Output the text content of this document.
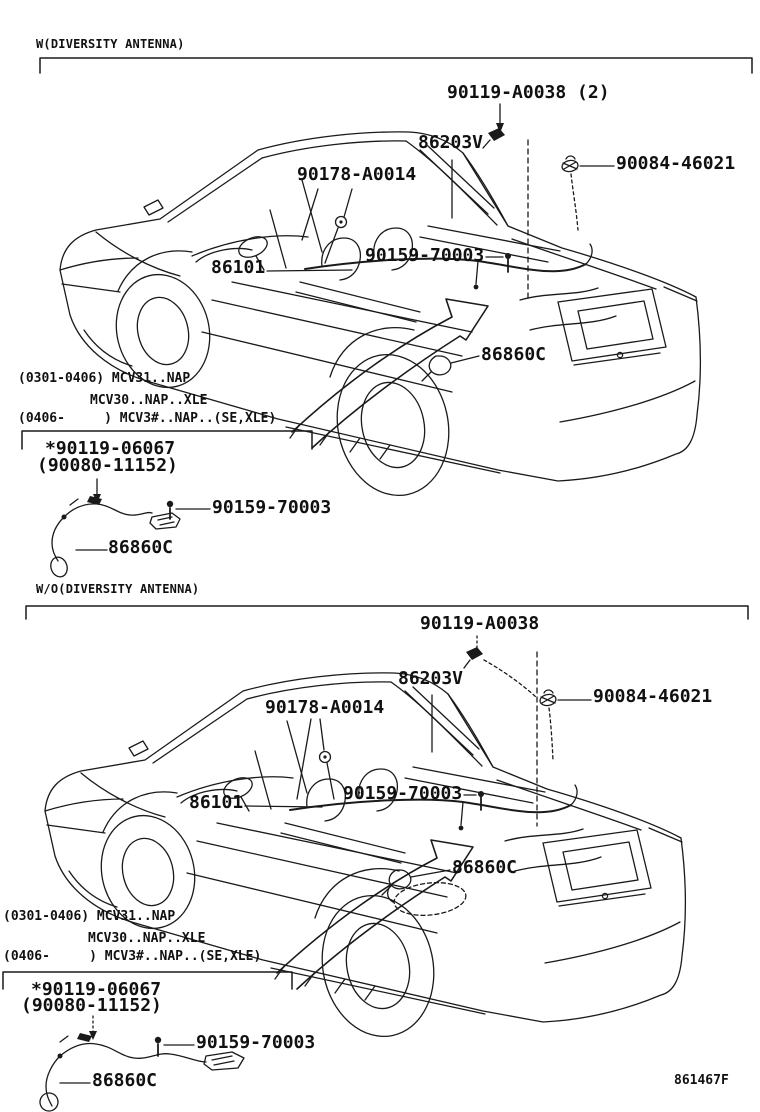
W(DIVERSITY ANTENNA)
90119-A0038 (2)
86203V
90084-46021
90178-A0014
86101
90159-70003
86860C
(0301-0406) MCV31..NAP
MCV30..NAP..XLE
(0406-     ) MCV3#..NAP..(SE,XLE)
*90119-06067
(90080-11152)
90159-70003
86860C
W/O(DIVERSITY ANTENNA)
90119-A0038
86203V
90084-46021
90178-A0014
86101	90159-70003
86860C
(0301-0406) MCV31..NAP
MCV30..NAP..XLE
(0406-     ) MCV3#..NAP..(SE,XLE)
*90119-06067
(90080-11152)
90159-70003
86860C	861467F
